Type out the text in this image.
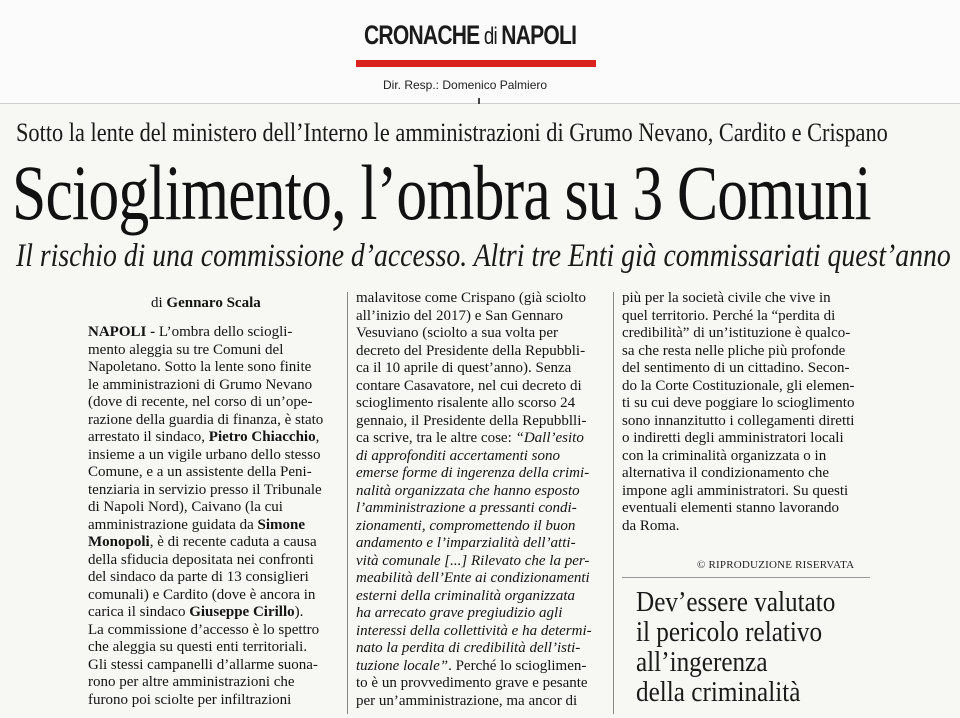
CRONACHE di NAPOLI
Dir. Resp.: Domenico Palmiero
Sotto la lente del ministero dell’Interno le amministrazioni di Grumo Nevano, Cardito e Crispano
Scioglimento, l’ombra su 3 Comuni
Il rischio di una commissione d’accesso. Altri tre Enti già commissariati quest’anno
di Gennaro Scala
NAPOLI - L’ombra dello sciogli-
mento aleggia su tre Comuni del
Napoletano. Sotto la lente sono finite
le amministrazioni di Grumo Nevano
(dove di recente, nel corso di un’ope-
razione della guardia di finanza, è stato
arrestato il sindaco, Pietro Chiacchio,
insieme a un vigile urbano dello stesso
Comune, e a un assistente della Peni-
tenziaria in servizio presso il Tribunale
di Napoli Nord), Caivano (la cui
amministrazione guidata da Simone
Monopoli, è di recente caduta a causa
della sfiducia depositata nei confronti
del sindaco da parte di 13 consiglieri
comunali) e Cardito (dove è ancora in
carica il sindaco Giuseppe Cirillo).
La commissione d’accesso è lo spettro
che aleggia su questi enti territoriali.
Gli stessi campanelli d’allarme suona-
rono per altre amministrazioni che
furono poi sciolte per infiltrazioni
malavitose come Crispano (già sciolto
all’inizio del 2017) e San Gennaro
Vesuviano (sciolto a sua volta per
decreto del Presidente della Repubbli-
ca il 10 aprile di quest’anno). Senza
contare Casavatore, nel cui decreto di
scioglimento risalente allo scorso 24
gennaio, il Presidente della Repubblli-
ca scrive, tra le altre cose: “Dall’esito
di approfonditi accertamenti sono
emerse forme di ingerenza della crimi-
nalità organizzata che hanno esposto
l’amministrazione a pressanti condi-
zionamenti, compromettendo il buon
andamento e l’imparzialità dell’atti-
vità comunale [...] Rilevato che la per-
meabilità dell’Ente ai condizionamenti
esterni della criminalità organizzata
ha arrecato grave pregiudizio agli
interessi della collettività e ha determi-
nato la perdita di credibilità dell’isti-
tuzione locale”. Perché lo scioglimen-
to è un provvedimento grave e pesante
per un’amministrazione, ma ancor di
più per la società civile che vive in
quel territorio. Perché la “perdita di
credibilità” di un’istituzione è qualco-
sa che resta nelle pliche più profonde
del sentimento di un cittadino. Secon-
do la Corte Costituzionale, gli elemen-
ti su cui deve poggiare lo scioglimento
sono innanzitutto i collegamenti diretti
o indiretti degli amministratori locali
con la criminalità organizzata o in
alternativa il condizionamento che
impone agli amministratori. Su questi
eventuali elementi stanno lavorando
da Roma.
© RIPRODUZIONE RISERVATA
Dev’essere valutato
il pericolo relativo
all’ingerenza
della criminalità
